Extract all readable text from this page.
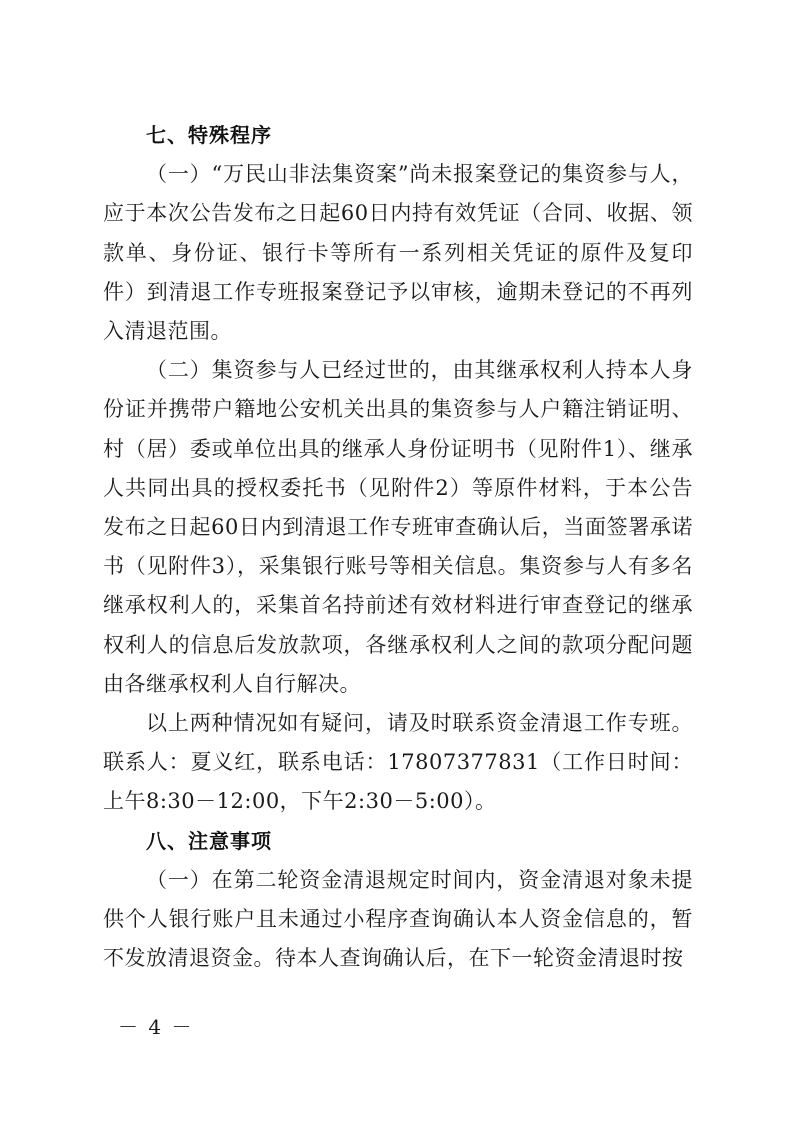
七、特殊程序

（一）“万民山非法集资案”尚未报案登记的集资参与人，应于本次公告发布之日起60日内持有效凭证（合同、收据、领款单、身份证、银行卡等所有一系列相关凭证的原件及复印件）到清退工作专班报案登记予以审核，逾期未登记的不再列入清退范围。

（二）集资参与人已经过世的，由其继承权利人持本人身份证并携带户籍地公安机关出具的集资参与人户籍注销证明、村（居）委或单位出具的继承人身份证明书（见附件1）、继承人共同出具的授权委托书（见附件2）等原件材料，于本公告发布之日起60日内到清退工作专班审查确认后，当面签署承诺书（见附件3），采集银行账号等相关信息。集资参与人有多名继承权利人的，采集首名持前述有效材料进行审查登记的继承权利人的信息后发放款项，各继承权利人之间的款项分配问题由各继承权利人自行解决。

以上两种情况如有疑问，请及时联系资金清退工作专班。联系人：夏义红，联系电话：17807377831（工作日时间：上午8:30－12:00，下午2:30－5:00）。

八、注意事项

（一）在第二轮资金清退规定时间内，资金清退对象未提供个人银行账户且未通过小程序查询确认本人资金信息的，暂不发放清退资金。待本人查询确认后，在下一轮资金清退时按

－ 4 －
